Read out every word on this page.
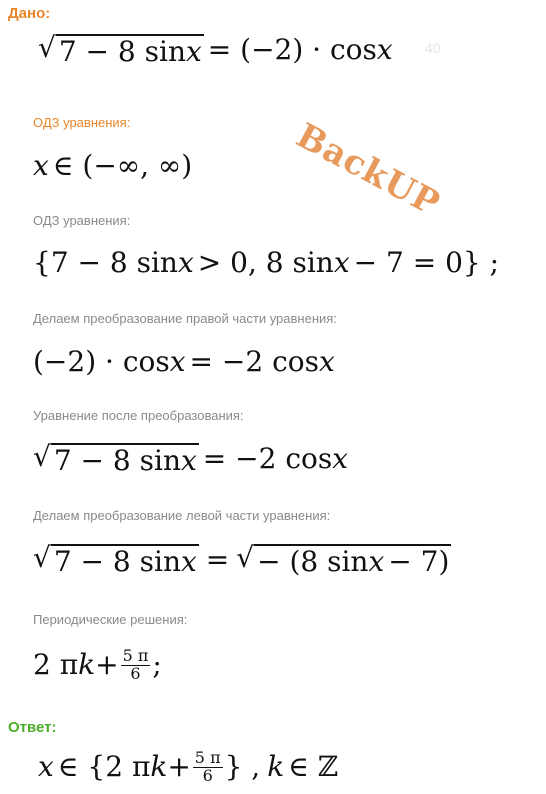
Дано:
40
√ 7 − 8 sinx = (−2) · cos x
ОДЗ уравнения:
x ∈ (−∞, ∞)	BackUP
ОДЗ уравнения:
{7 − 8 sin x > 0, 8 sin x − 7 = 0} ;
Делаем преобразование правой части уравнения:
(−2) · cos x = −2 cos x
Уравнение после преобразования:
√ 7 − 8 sinx = −2 cos x
Делаем преобразование левой части уравнения:
√ 7 − 8 sinx = √ − (8 sinx − 7)
Периодические решения:
2 π $k + \frac{5 \pi}{6}$ ;
Ответ:
x ∈ {2 π $k + \frac{5 \pi}{6}$ } , k ∈ ℤ
